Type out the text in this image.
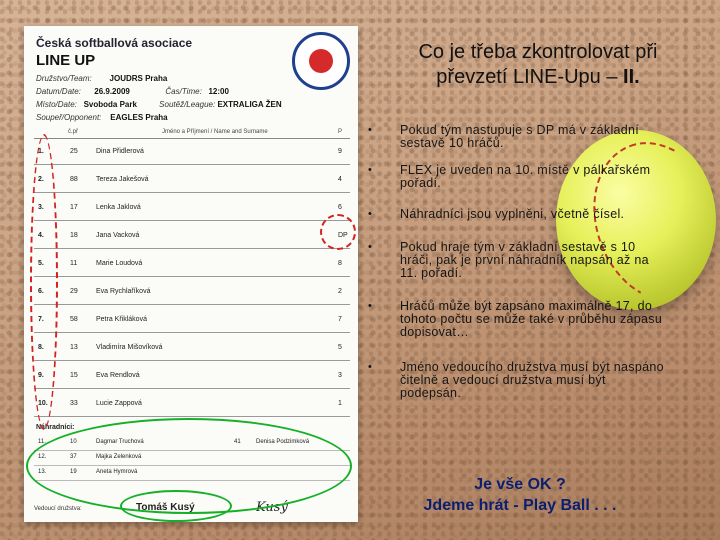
Česká softballová asociace
LINE UP
Družstvo/Team: JOUDRS Praha
Datum/Date: 26.9.2009	Čas/Time: 12:00
Místo/Date: Svoboda Park	Soutěž/League: EXTRALIGA ŽEN
Soupeř/Opponent: EAGLES Praha
č.př	Jméno a Příjmení / Name and Surname	P
1.	25	Dina Přidlerová	9
2.	88	Tereza Jakešová	4
3.	17	Lenka Jaklová	6
4.	18	Jana Vacková	DP
5.	11	Marie Loudová	8
6.	29	Eva Rychlaříková	2
7.	58	Petra Křikláková	7
8.	13	Vladimíra Mišovíková	5
9.	15	Eva Rendlová	3
10.	33	Lucie Zappová	1
Náhradníci:
11.	10	Dagmar Truchová	41	Denisa Podzimková
12.	37	Majka Zelenková
13.	19	Aneta Hymrová
Vedoucí družstva:	Tomáš Kusý	Kusý
Co je třeba zkontrolovat při
převzetí LINE-Upu – II.
• Pokud tým nastupuje s DP má v základní sestavě 10 hráčů.
• FLEX je uveden na 10. místě v pálkařském pořadí.
• Náhradníci jsou vyplněni, včetně čísel.
• Pokud hraje tým v základní sestavě s 10 hráči, pak je první náhradník napsán až na 11. pořadí.
• Hráčů může být zapsáno maximálně 17, do tohoto počtu se může také v průběhu zápasu dopisovat…
• Jméno vedoucího družstva musí být naspáno čitelně a vedoucí družstva musí být podepsán.
Je vše OK ?
Jdeme hrát - Play Ball . . .
